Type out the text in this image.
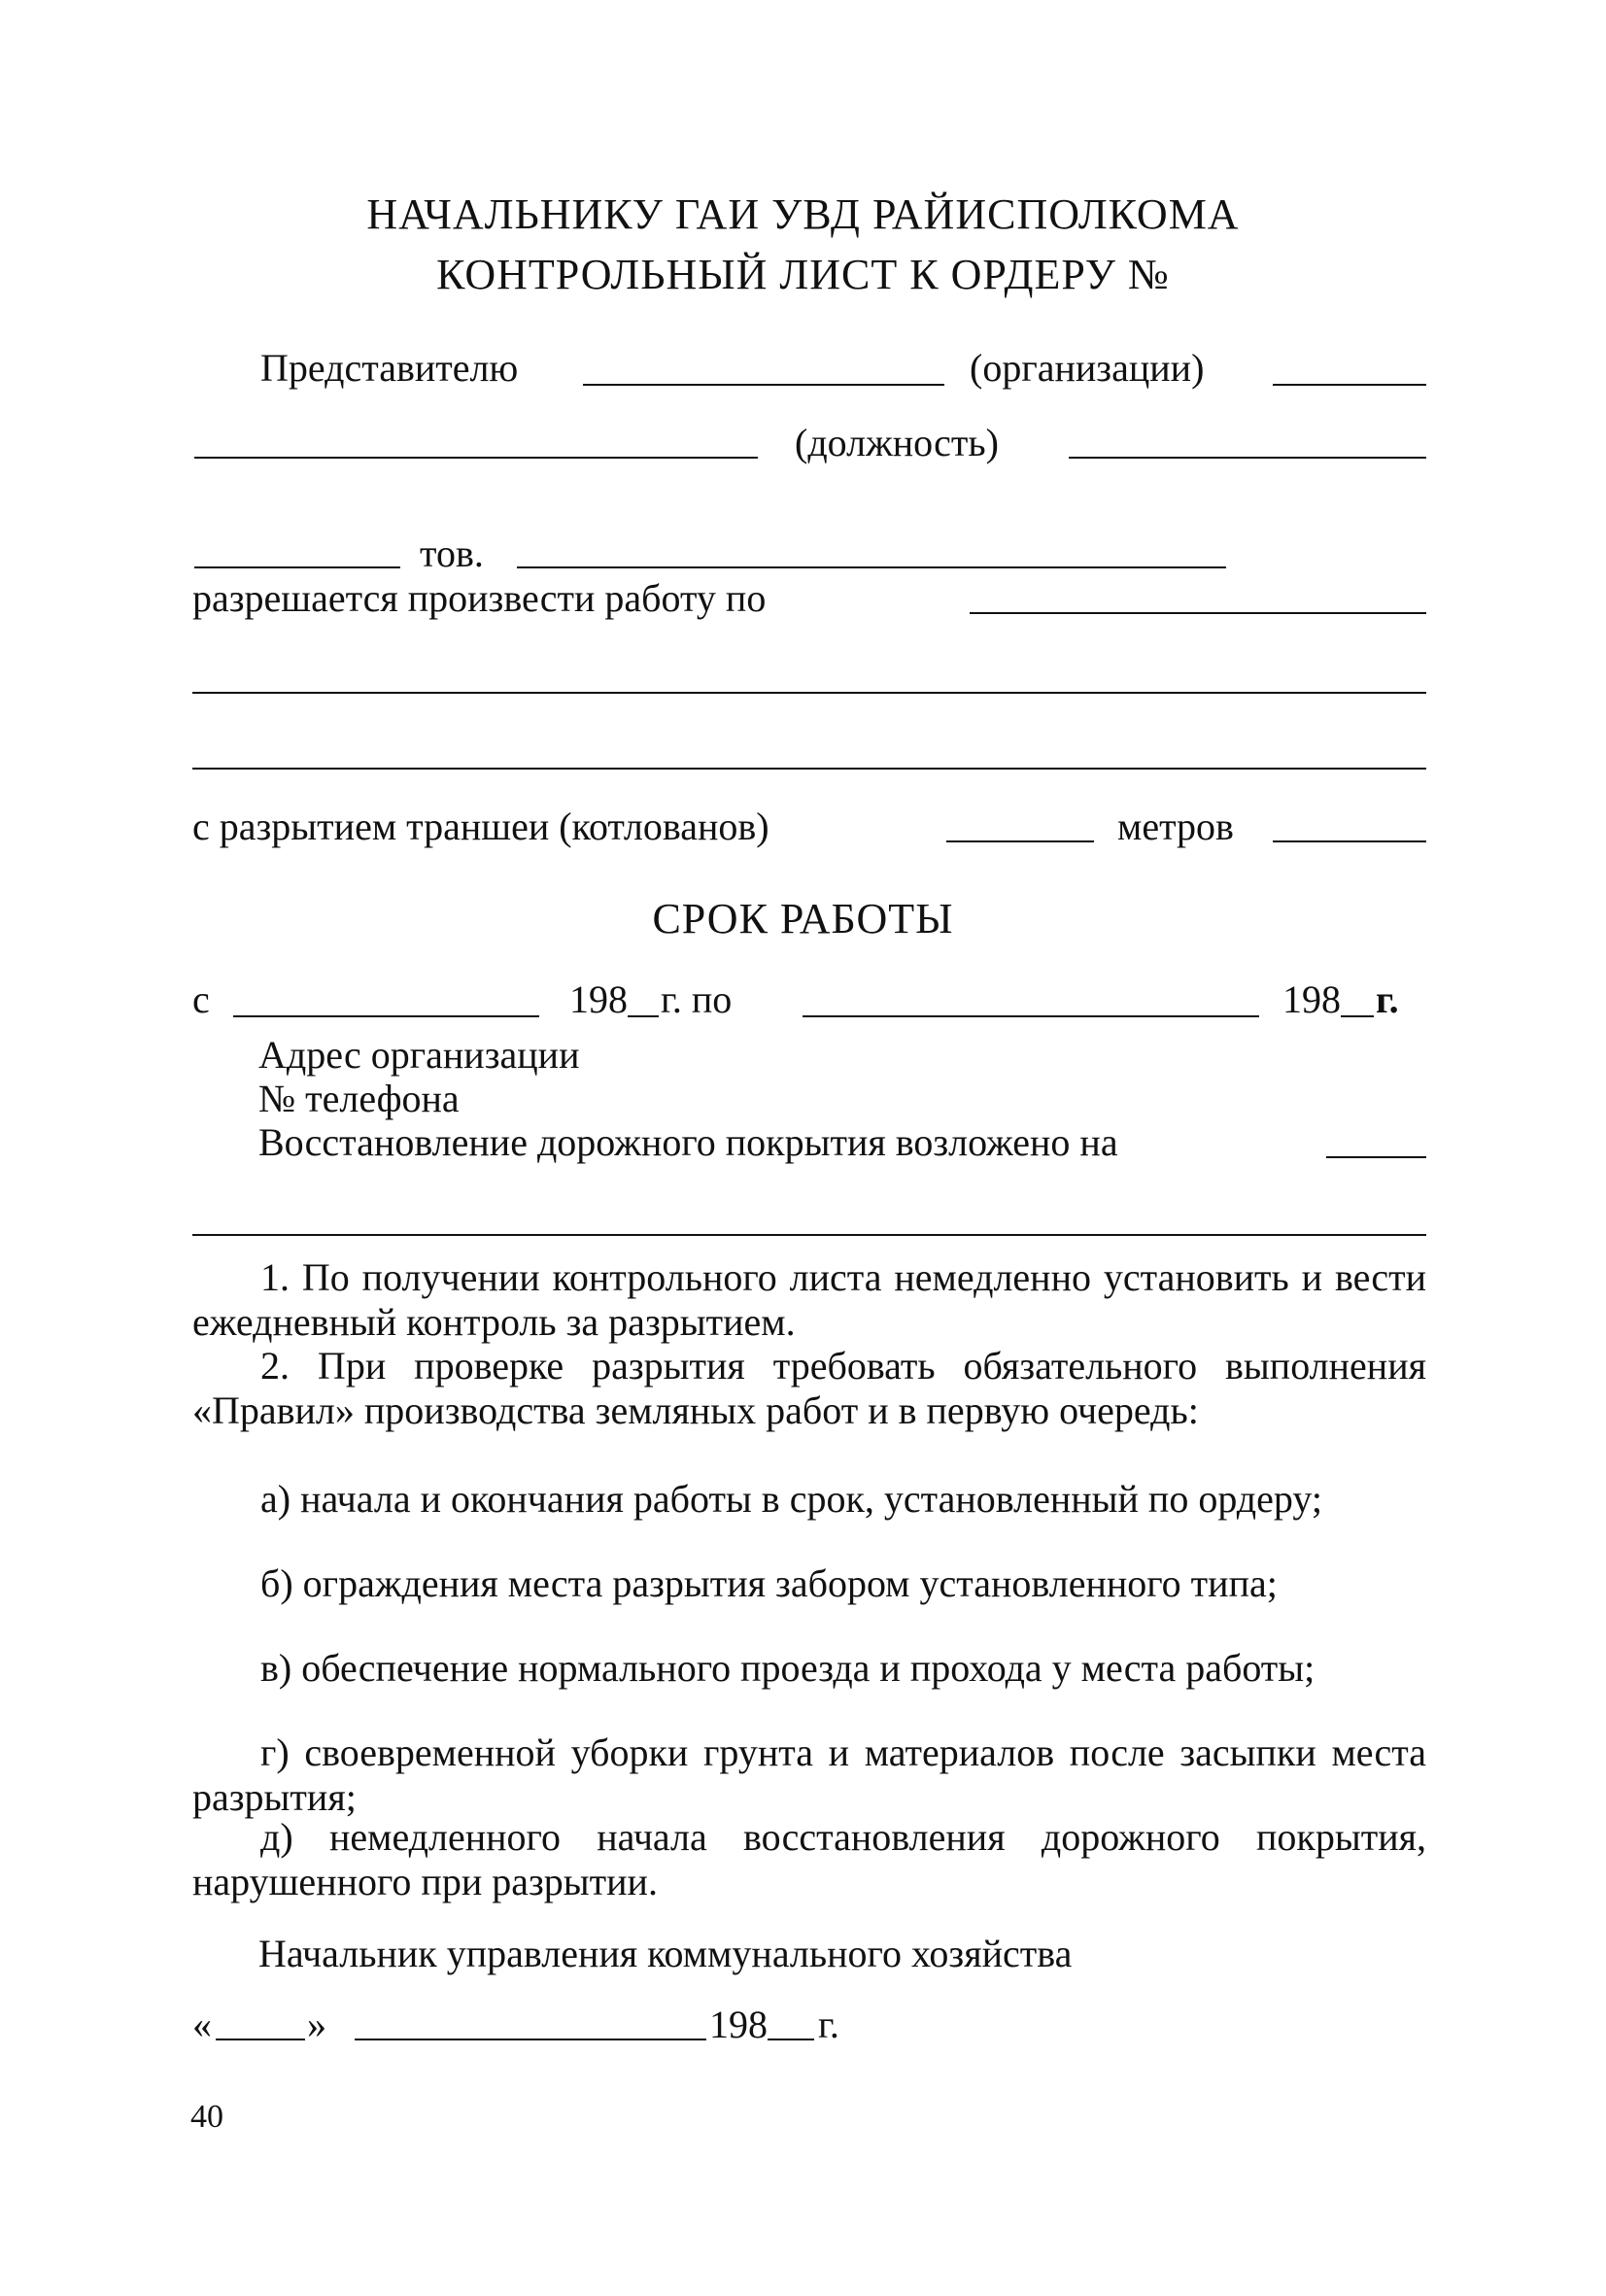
НАЧАЛЬНИКУ ГАИ УВД РАЙИСПОЛКОМА
КОНТРОЛЬНЫЙ ЛИСТ К ОРДЕРУ №
Представителю	(организации)
(должность)
тов.
разрешается произвести работу по
с разрытием траншеи (котлованов)	метров
СРОК РАБОТЫ
с	198 г. по	198 г.
Адрес организации
№ телефона
Восстановление дорожного покрытия возложено на
1. По получении контрольного листа немедленно установить и вести ежедневный контроль за разрытием.
2. При проверке разрытия требовать обязательного выполнения «Правил» производства земляных работ и в первую очередь:
а) начала и окончания работы в срок, установленный по ордеру;
б) ограждения места разрытия забором установленного типа;
в) обеспечение нормального проезда и прохода у места работы;
г) своевременной уборки грунта и материалов после засыпки места разрытия;
д) немедленного начала восстановления дорожного покрытия, нарушенного при разрытии.
Начальник управления коммунального хозяйства
« »	198 г.
40
